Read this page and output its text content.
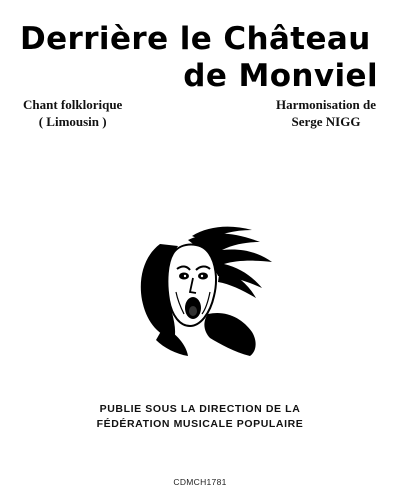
Derrière le Château
de Monviel
Chant folklorique
( Limousin )
Harmonisation de
Serge NIGG
PUBLIE SOUS LA DIRECTION DE LA
FÉDÉRATION MUSICALE POPULAIRE
CDMCH1781
